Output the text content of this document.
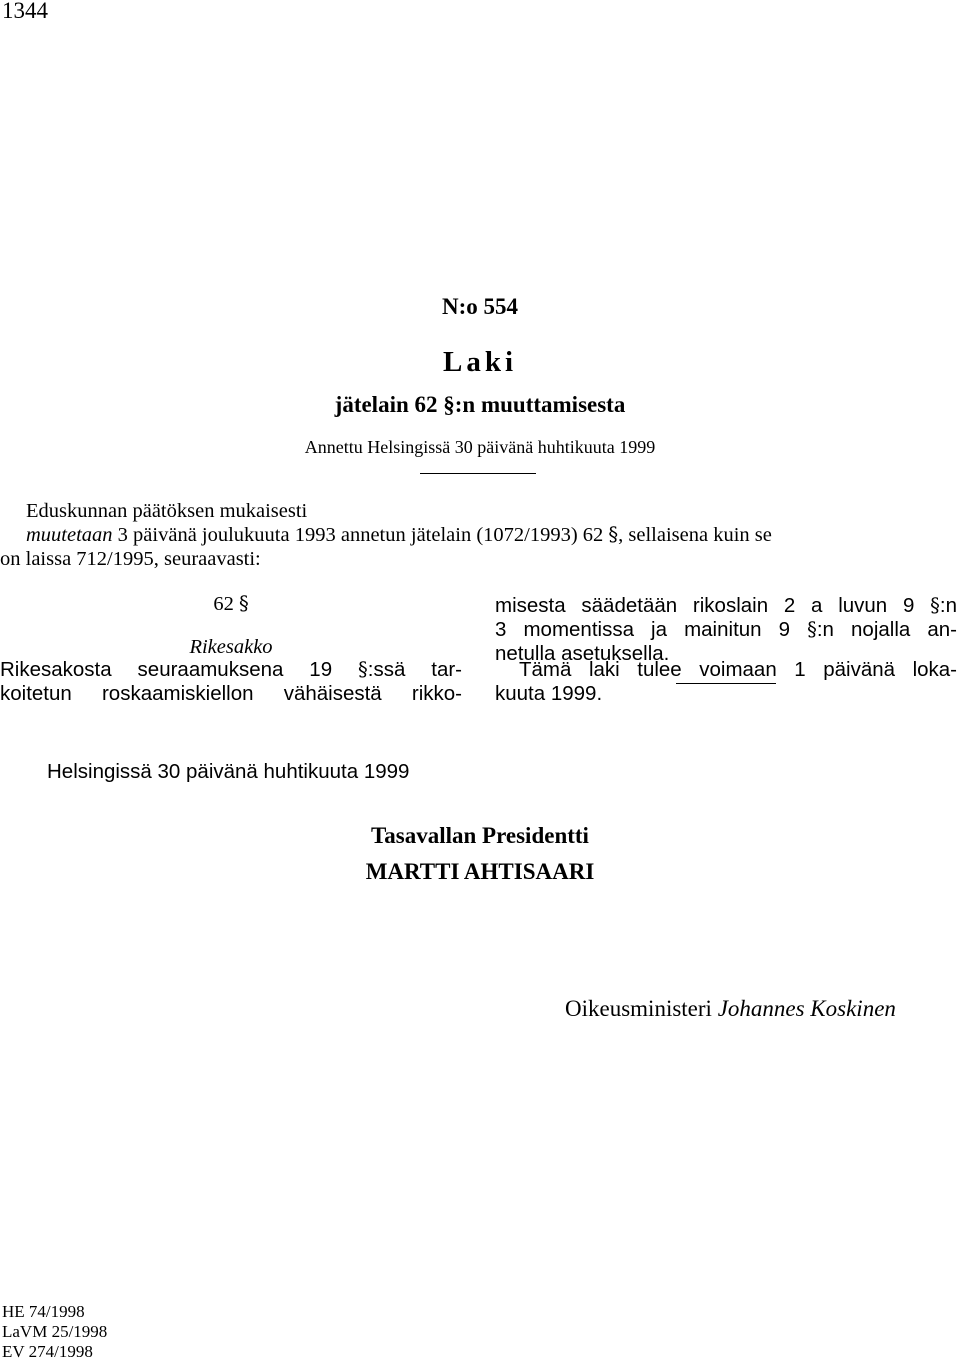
1344
N:o 554
Laki
jätelain 62 §:n muuttamisesta
Annettu Helsingissä 30 päivänä huhtikuuta 1999
Eduskunnan päätöksen mukaisesti
muutetaan 3 päivänä joulukuuta 1993 annetun jätelain (1072/1993) 62 §, sellaisena kuin se
on laissa 712/1995, seuraavasti:
62 §
Rikesakko
Rikesakosta seuraamuksena 19 §:ssä tar-
koitetun roskaamiskiellon vähäisestä rikko-
misesta säädetään rikoslain 2 a luvun 9 §:n
3 momentissa ja mainitun 9 §:n nojalla an-
netulla asetuksella.
Tämä laki tulee voimaan 1 päivänä loka-
kuuta 1999.
Helsingissä 30 päivänä huhtikuuta 1999
Tasavallan Presidentti
MARTTI AHTISAARI
Oikeusministeri Johannes Koskinen
HE 74/1998
LaVM 25/1998
EV 274/1998
